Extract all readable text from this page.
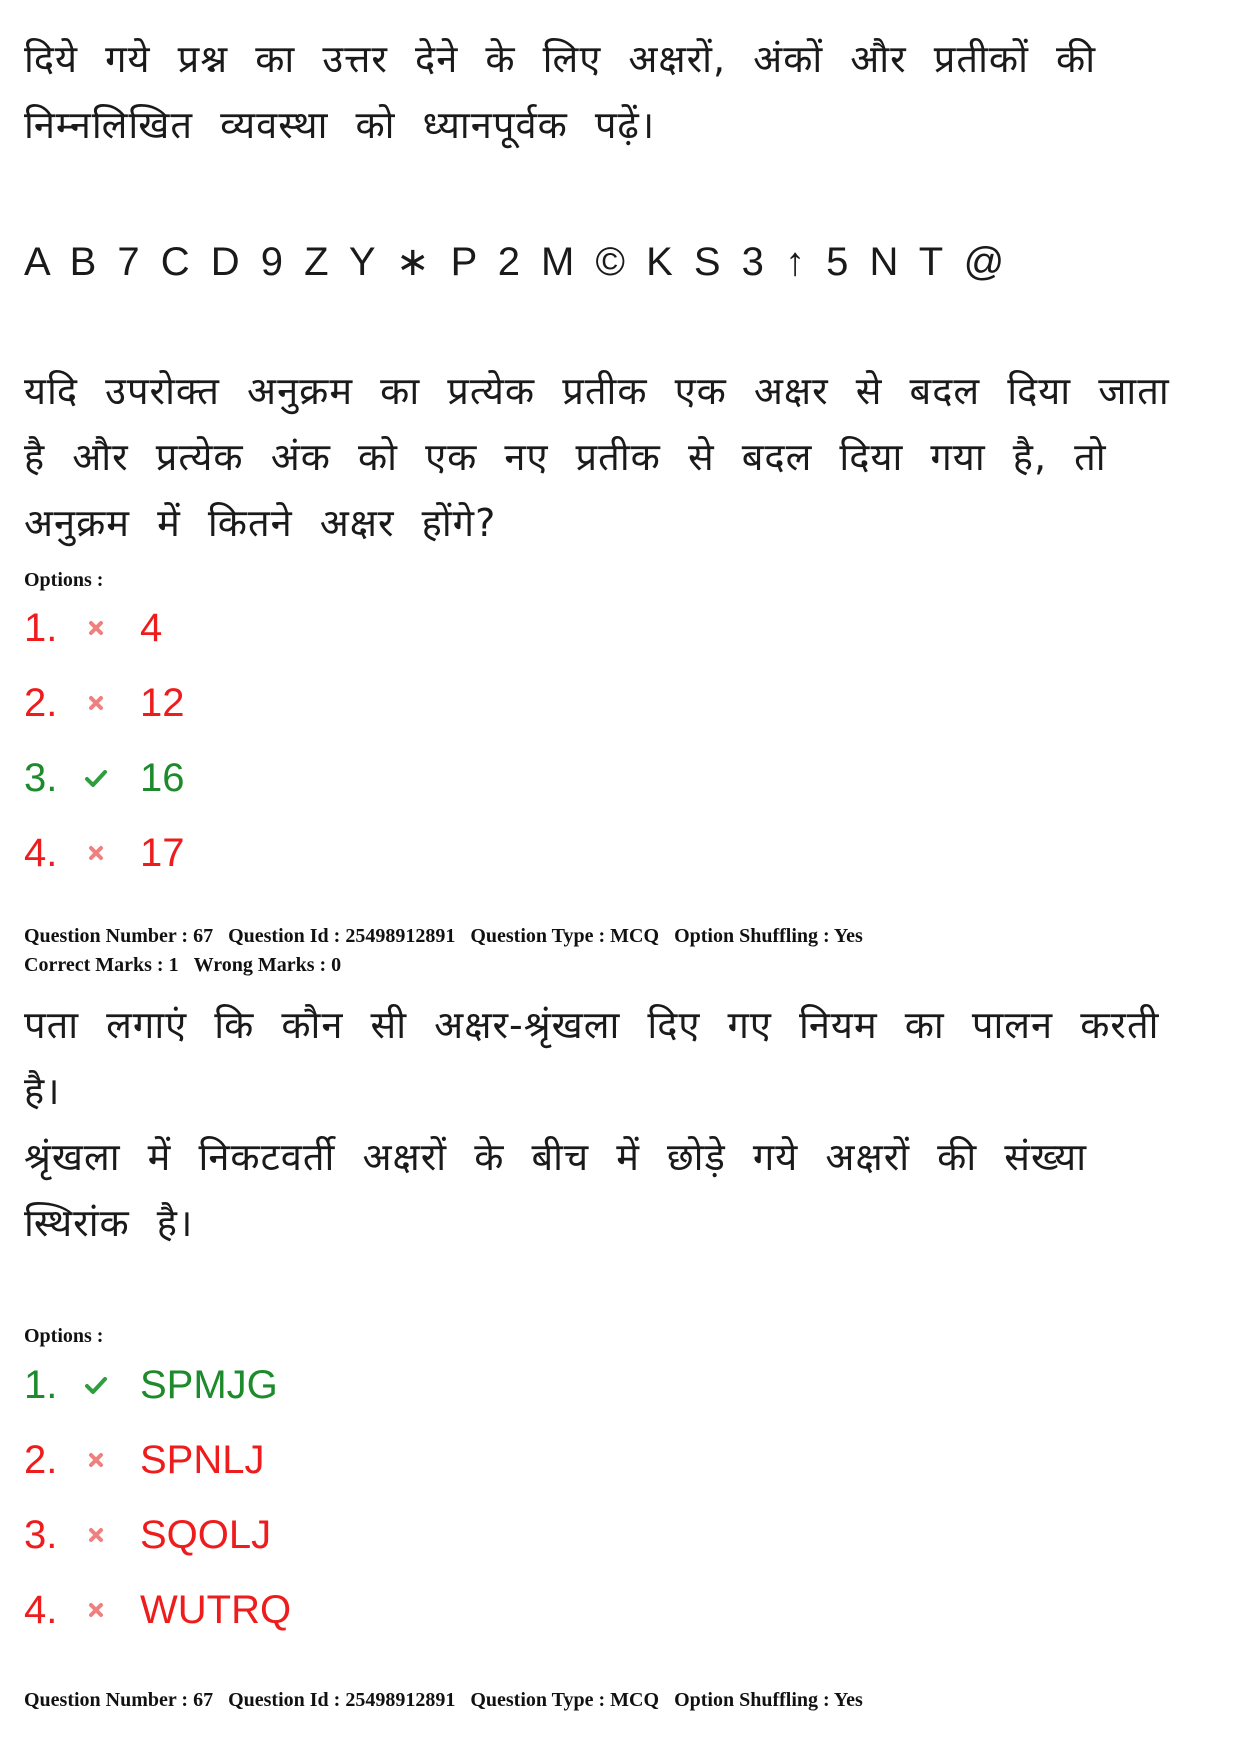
दिये गये प्रश्न का उत्तर देने के लिए अक्षरों, अंकों और प्रतीकों की निम्नलिखित व्यवस्था को ध्यानपूर्वक पढ़ें।

A B 7 C D 9 Z Y ∗ P 2 M © K S 3 ↑ 5 N T @

यदि उपरोक्त अनुक्रम का प्रत्येक प्रतीक एक अक्षर से बदल दिया जाता है और प्रत्येक अंक को एक नए प्रतीक से बदल दिया गया है, तो अनुक्रम में कितने अक्षर होंगे?

Options :

1.	4
2.	12
3.	16
4.	17

Question Number : 67 Question Id : 25498912891 Question Type : MCQ Option Shuffling : Yes

Correct Marks : 1 Wrong Marks : 0

पता लगाएं कि कौन सी अक्षर-श्रृंखला दिए गए नियम का पालन करती है।

श्रृंखला में निकटवर्ती अक्षरों के बीच में छोड़े गये अक्षरों की संख्या स्थिरांक है।

Options :

1.	SPMJG
2.	SPNLJ
3.	SQOLJ
4.	WUTRQ

Question Number : 67 Question Id : 25498912891 Question Type : MCQ Option Shuffling : Yes
